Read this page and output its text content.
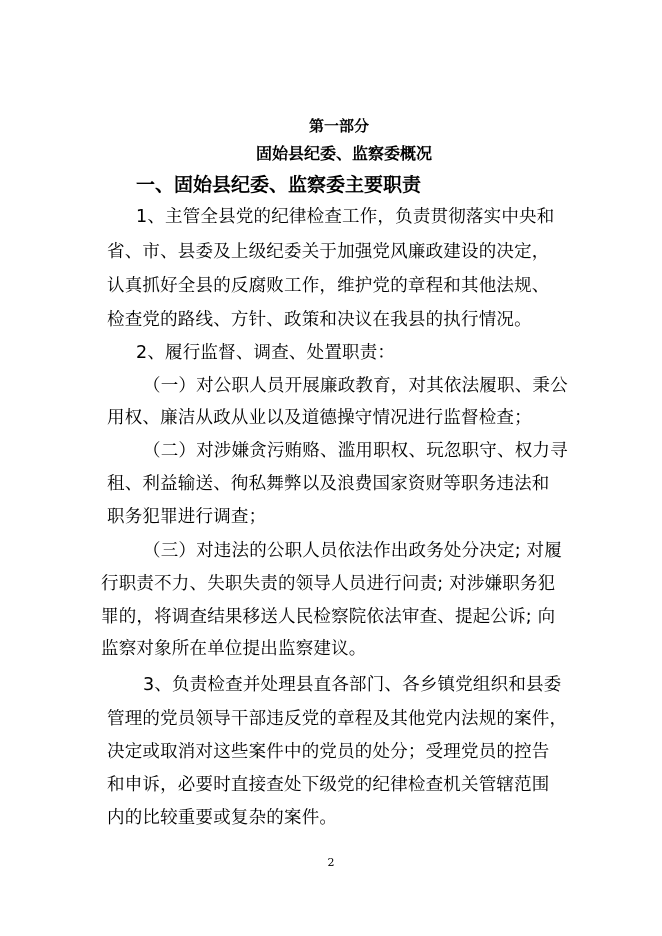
第一部分
固始县纪委、监察委概况
一、固始县纪委、监察委主要职责
1、主管全县党的纪律检查工作，负责贯彻落实中央和
省、市、县委及上级纪委关于加强党风廉政建设的决定，
认真抓好全县的反腐败工作，维护党的章程和其他法规、
检查党的路线、方针、政策和决议在我县的执行情况。
2、履行监督、调查、处置职责：
（一）对公职人员开展廉政教育，对其依法履职、秉公
用权、廉洁从政从业以及道德操守情况进行监督检查；
（二）对涉嫌贪污贿赂、滥用职权、玩忽职守、权力寻
租、利益输送、徇私舞弊以及浪费国家资财等职务违法和
职务犯罪进行调查；
（三）对违法的公职人员依法作出政务处分决定; 对履
行职责不力、失职失责的领导人员进行问责; 对涉嫌职务犯
罪的，将调查结果移送人民检察院依法审查、提起公诉; 向
监察对象所在单位提出监察建议。
3、负责检查并处理县直各部门、各乡镇党组织和县委
管理的党员领导干部违反党的章程及其他党内法规的案件，
决定或取消对这些案件中的党员的处分；受理党员的控告
和申诉，必要时直接查处下级党的纪律检查机关管辖范围
内的比较重要或复杂的案件。
2
